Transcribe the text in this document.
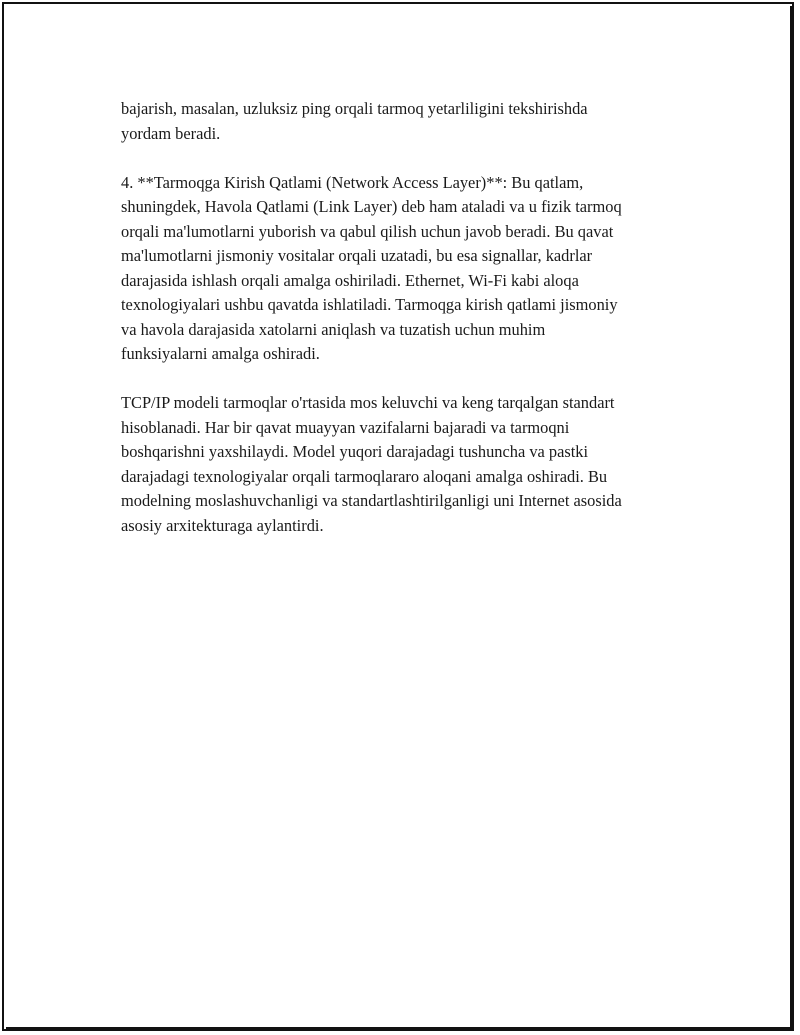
bajarish, masalan, uzluksiz ping orqali tarmoq yetarliligini tekshirishda
yordam beradi.

4. **Tarmoqga Kirish Qatlami (Network Access Layer)**: Bu qatlam,
shuningdek, Havola Qatlami (Link Layer) deb ham ataladi va u fizik tarmoq
orqali ma'lumotlarni yuborish va qabul qilish uchun javob beradi. Bu qavat
ma'lumotlarni jismoniy vositalar orqali uzatadi, bu esa signallar, kadrlar
darajasida ishlash orqali amalga oshiriladi. Ethernet, Wi-Fi kabi aloqa
texnologiyalari ushbu qavatda ishlatiladi. Tarmoqga kirish qatlami jismoniy
va havola darajasida xatolarni aniqlash va tuzatish uchun muhim
funksiyalarni amalga oshiradi.

TCP/IP modeli tarmoqlar o'rtasida mos keluvchi va keng tarqalgan standart
hisoblanadi. Har bir qavat muayyan vazifalarni bajaradi va tarmoqni
boshqarishni yaxshilaydi. Model yuqori darajadagi tushuncha va pastki
darajadagi texnologiyalar orqali tarmoqlararo aloqani amalga oshiradi. Bu
modelning moslashuvchanligi va standartlashtirilganligi uni Internet asosida
asosiy arxitekturaga aylantirdi.
